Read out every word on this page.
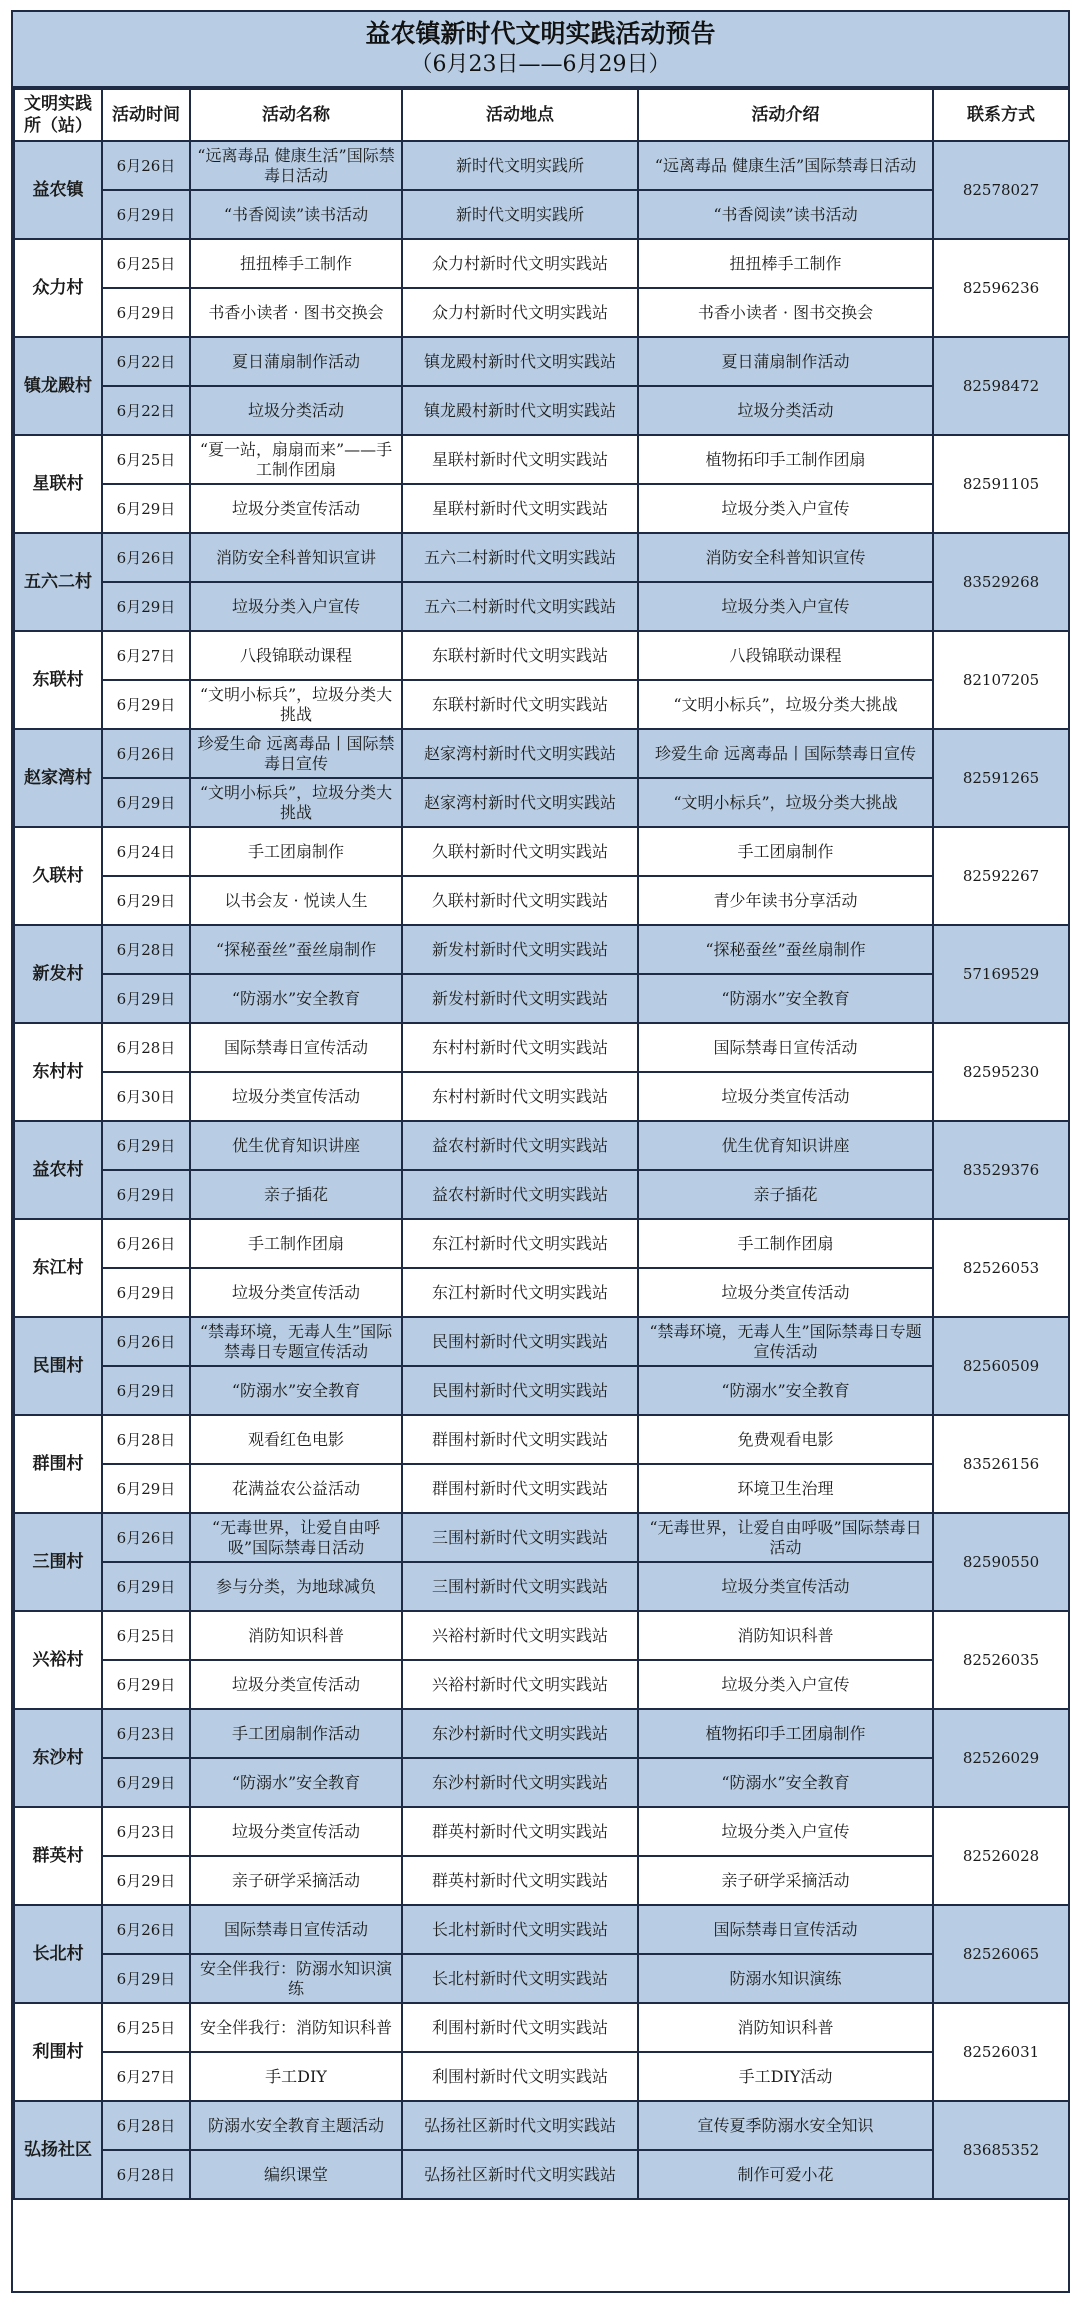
益农镇新时代文明实践活动预告
（6月23日——6月29日）
文明实践所（站）	活动时间	活动名称	活动地点	活动介绍	联系方式
益农镇	6月26日	“远离毒品 健康生活”国际禁毒日活动	新时代文明实践所	“远离毒品 健康生活”国际禁毒日活动	82578027
	6月29日	“书香阅读”读书活动	新时代文明实践所	“书香阅读”读书活动	
众力村	6月25日	扭扭棒手工制作	众力村新时代文明实践站	扭扭棒手工制作	82596236
	6月29日	书香小读者 · 图书交换会	众力村新时代文明实践站	书香小读者 · 图书交换会	
镇龙殿村	6月22日	夏日蒲扇制作活动	镇龙殿村新时代文明实践站	夏日蒲扇制作活动	82598472
	6月22日	垃圾分类活动	镇龙殿村新时代文明实践站	垃圾分类活动	
星联村	6月25日	“夏一站，扇扇而来”——手工制作团扇	星联村新时代文明实践站	植物拓印手工制作团扇	82591105
	6月29日	垃圾分类宣传活动	星联村新时代文明实践站	垃圾分类入户宣传	
五六二村	6月26日	消防安全科普知识宣讲	五六二村新时代文明实践站	消防安全科普知识宣传	83529268
	6月29日	垃圾分类入户宣传	五六二村新时代文明实践站	垃圾分类入户宣传	
东联村	6月27日	八段锦联动课程	东联村新时代文明实践站	八段锦联动课程	82107205
	6月29日	“文明小标兵”，垃圾分类大挑战	东联村新时代文明实践站	“文明小标兵”，垃圾分类大挑战	
赵家湾村	6月26日	珍爱生命 远离毒品丨国际禁毒日宣传	赵家湾村新时代文明实践站	珍爱生命 远离毒品丨国际禁毒日宣传	82591265
	6月29日	“文明小标兵”，垃圾分类大挑战	赵家湾村新时代文明实践站	“文明小标兵”，垃圾分类大挑战	
久联村	6月24日	手工团扇制作	久联村新时代文明实践站	手工团扇制作	82592267
	6月29日	以书会友 · 悦读人生	久联村新时代文明实践站	青少年读书分享活动	
新发村	6月28日	“探秘蚕丝”蚕丝扇制作	新发村新时代文明实践站	“探秘蚕丝”蚕丝扇制作	57169529
	6月29日	“防溺水”安全教育	新发村新时代文明实践站	“防溺水”安全教育	
东村村	6月28日	国际禁毒日宣传活动	东村村新时代文明实践站	国际禁毒日宣传活动	82595230
	6月30日	垃圾分类宣传活动	东村村新时代文明实践站	垃圾分类宣传活动	
益农村	6月29日	优生优育知识讲座	益农村新时代文明实践站	优生优育知识讲座	83529376
	6月29日	亲子插花	益农村新时代文明实践站	亲子插花	
东江村	6月26日	手工制作团扇	东江村新时代文明实践站	手工制作团扇	82526053
	6月29日	垃圾分类宣传活动	东江村新时代文明实践站	垃圾分类宣传活动	
民围村	6月26日	“禁毒环境，无毒人生”国际禁毒日专题宣传活动	民围村新时代文明实践站	“禁毒环境，无毒人生”国际禁毒日专题宣传活动	82560509
	6月29日	“防溺水”安全教育	民围村新时代文明实践站	“防溺水”安全教育	
群围村	6月28日	观看红色电影	群围村新时代文明实践站	免费观看电影	83526156
	6月29日	花满益农公益活动	群围村新时代文明实践站	环境卫生治理	
三围村	6月26日	“无毒世界，让爱自由呼吸”国际禁毒日活动	三围村新时代文明实践站	“无毒世界，让爱自由呼吸”国际禁毒日活动	82590550
	6月29日	参与分类，为地球减负	三围村新时代文明实践站	垃圾分类宣传活动	
兴裕村	6月25日	消防知识科普	兴裕村新时代文明实践站	消防知识科普	82526035
	6月29日	垃圾分类宣传活动	兴裕村新时代文明实践站	垃圾分类入户宣传	
东沙村	6月23日	手工团扇制作活动	东沙村新时代文明实践站	植物拓印手工团扇制作	82526029
	6月29日	“防溺水”安全教育	东沙村新时代文明实践站	“防溺水”安全教育	
群英村	6月23日	垃圾分类宣传活动	群英村新时代文明实践站	垃圾分类入户宣传	82526028
	6月29日	亲子研学采摘活动	群英村新时代文明实践站	亲子研学采摘活动	
长北村	6月26日	国际禁毒日宣传活动	长北村新时代文明实践站	国际禁毒日宣传活动	82526065
	6月29日	安全伴我行：防溺水知识演练	长北村新时代文明实践站	防溺水知识演练	
利围村	6月25日	安全伴我行：消防知识科普	利围村新时代文明实践站	消防知识科普	82526031
	6月27日	手工DIY	利围村新时代文明实践站	手工DIY活动	
弘扬社区	6月28日	防溺水安全教育主题活动	弘扬社区新时代文明实践站	宣传夏季防溺水安全知识	83685352
	6月28日	编织课堂	弘扬社区新时代文明实践站	制作可爱小花	
